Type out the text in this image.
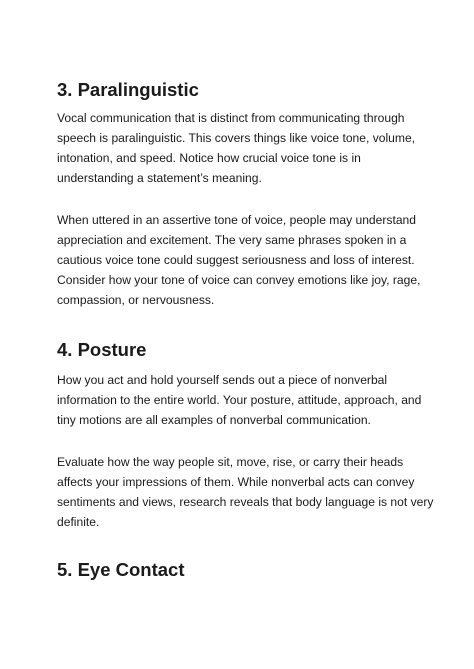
3. Paralinguistic

Vocal communication that is distinct from communicating through
speech is paralinguistic. This covers things like voice tone, volume,
intonation, and speed. Notice how crucial voice tone is in
understanding a statement’s meaning.

When uttered in an assertive tone of voice, people may understand
appreciation and excitement. The very same phrases spoken in a
cautious voice tone could suggest seriousness and loss of interest.
Consider how your tone of voice can convey emotions like joy, rage,
compassion, or nervousness.

4. Posture

How you act and hold yourself sends out a piece of nonverbal
information to the entire world. Your posture, attitude, approach, and
tiny motions are all examples of nonverbal communication.

Evaluate how the way people sit, move, rise, or carry their heads
affects your impressions of them. While nonverbal acts can convey
sentiments and views, research reveals that body language is not very
definite.

5. Eye Contact
